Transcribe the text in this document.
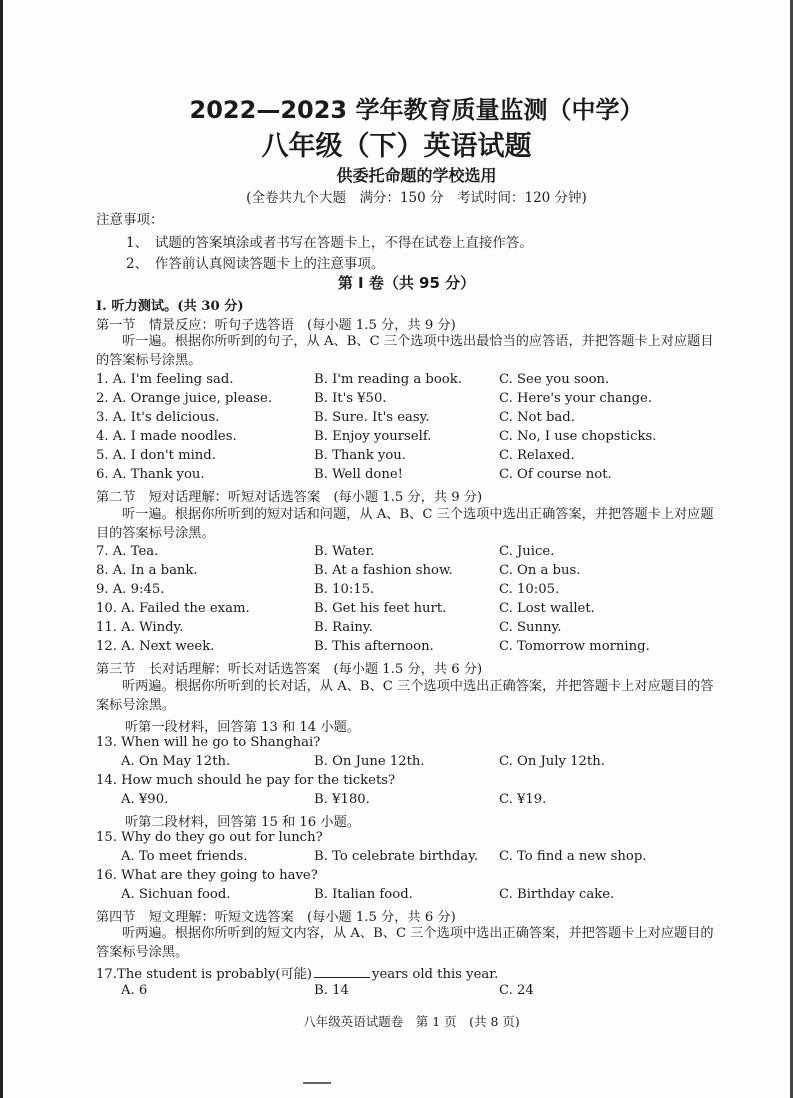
2022—2023 学年教育质量监测（中学）
八年级（下）英语试题
供委托命题的学校选用
(全卷共九个大题　满分：150 分　考试时间：120 分钟)
注意事项：
1、　试题的答案填涂或者书写在答题卡上，不得在试卷上直接作答。
2、　作答前认真阅读答题卡上的注意事项。
第 I 卷（共 95 分）
I. 听力测试。(共 30 分)
第一节　情景反应：听句子选答语　(每小题 1.5 分，共 9 分)
听一遍。根据你所听到的句子，从 A、B、C 三个选项中选出最恰当的应答语，并把答题卡上对应题目的答案标号涂黑。
1. A. I'm feeling sad.	B. I'm reading a book.	C. See you soon.
2. A. Orange juice, please.	B. It's ¥50.	C. Here's your change.
3. A. It's delicious.	B. Sure. It's easy.	C. Not bad.
4. A. I made noodles.	B. Enjoy yourself.	C. No, I use chopsticks.
5. A. I don't mind.	B. Thank you.	C. Relaxed.
6. A. Thank you.	B. Well done!	C. Of course not.
第二节　短对话理解：听短对话选答案　(每小题 1.5 分，共 9 分)
听一遍。根据你所听到的短对话和问题，从 A、B、C 三个选项中选出正确答案，并把答题卡上对应题目的答案标号涂黑。
7. A. Tea.	B. Water.	C. Juice.
8. A. In a bank.	B. At a fashion show.	C. On a bus.
9. A. 9:45.	B. 10:15.	C. 10:05.
10. A. Failed the exam.	B. Get his feet hurt.	C. Lost wallet.
11. A. Windy.	B. Rainy.	C. Sunny.
12. A. Next week.	B. This afternoon.	C. Tomorrow morning.
第三节　长对话理解：听长对话选答案　(每小题 1.5 分，共 6 分)
听两遍。根据你所听到的长对话，从 A、B、C 三个选项中选出正确答案，并把答题卡上对应题目的答案标号涂黑。
听第一段材料，回答第 13 和 14 小题。
13. When will he go to Shanghai?
A. On May 12th.	B. On June 12th.	C. On July 12th.
14. How much should he pay for the tickets?
A. ¥90.	B. ¥180.	C. ¥19.
听第二段材料，回答第 15 和 16 小题。
15. Why do they go out for lunch?
A. To meet friends.	B. To celebrate birthday. C. To find a new shop.
16. What are they going to have?
A. Sichuan food.	B. Italian food.	C. Birthday cake.
第四节　短文理解：听短文选答案　(每小题 1.5 分，共 6 分)
听两遍。根据你所听到的短文内容，从 A、B、C 三个选项中选出正确答案，并把答题卡上对应题目的答案标号涂黑。
17.The student is probably(可能)	years old this year.
A. 6	B. 14	C. 24
八年级英语试题卷　第 1 页　(共 8 页)
